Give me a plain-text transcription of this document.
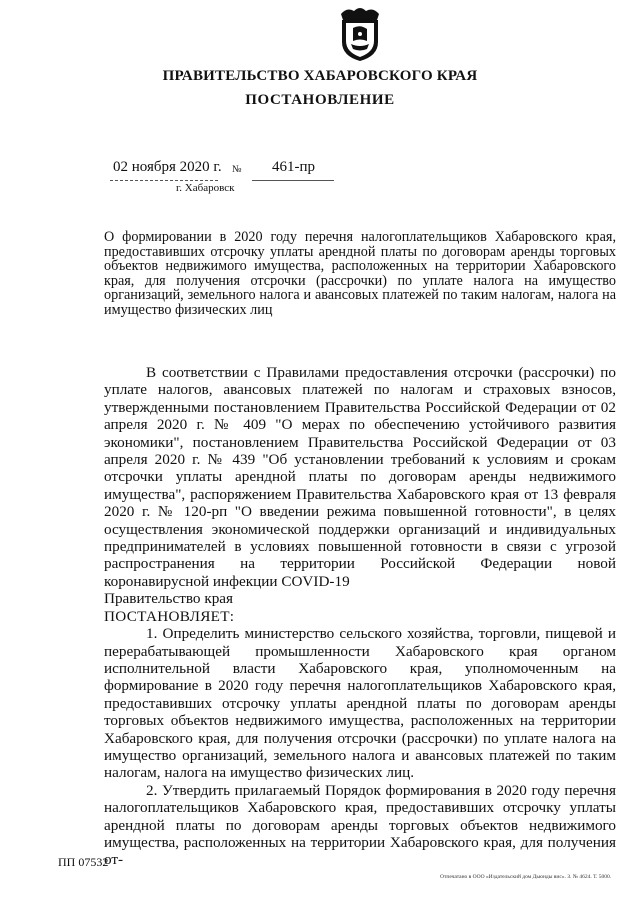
ПРАВИТЕЛЬСТВО ХАБАРОВСКОГО КРАЯ
ПОСТАНОВЛЕНИЕ
02 ноября 2020 г. № 461-пр
г. Хабаровск

О формировании в 2020 году перечня налогоплательщиков Хабаровского края, предоставивших отсрочку уплаты арендной платы по договорам аренды торговых объектов недвижимого имущества, расположенных на территории Хабаровского края, для получения отсрочки (рассрочки) по уплате налога на имущество организаций, земельного налога и авансовых платежей по таким налогам, налога на имущество физических лиц

В соответствии с Правилами предоставления отсрочки (рассрочки) по уплате налогов, авансовых платежей по налогам и страховых взносов, утвержденными постановлением Правительства Российской Федерации от 02 апреля 2020 г. № 409 "О мерах по обеспечению устойчивого развития экономики", постановлением Правительства Российской Федерации от 03 апреля 2020 г. № 439 "Об установлении требований к условиям и срокам отсрочки уплаты арендной платы по договорам аренды недвижимого имущества", распоряжением Правительства Хабаровского края от 13 февраля 2020 г. № 120-рп "О введении режима повышенной готовности", в целях осуществления экономической поддержки организаций и индивидуальных предпринимателей в условиях повышенной готовности в связи с угрозой распространения на территории Российской Федерации новой коронавирусной инфекции COVID-19

Правительство края

ПОСТАНОВЛЯЕТ:

1. Определить министерство сельского хозяйства, торговли, пищевой и перерабатывающей промышленности Хабаровского края органом исполнительной власти Хабаровского края, уполномоченным на формирование в 2020 году перечня налогоплательщиков Хабаровского края, предоставивших отсрочку уплаты арендной платы по договорам аренды торговых объектов недвижимого имущества, расположенных на территории Хабаровского края, для получения отсрочки (рассрочки) по уплате налога на имущество организаций, земельного налога и авансовых платежей по таким налогам, налога на имущество физических лиц.

2. Утвердить прилагаемый Порядок формирования в 2020 году перечня налогоплательщиков Хабаровского края, предоставивших отсрочку уплаты арендной платы по договорам аренды торговых объектов недвижимого имущества, расположенных на территории Хабаровского края, для получения от-

ПП 07532
Отпечатано в ООО «Издательский дом Дьюнды вис». З. № 4624. Т. 5000.
